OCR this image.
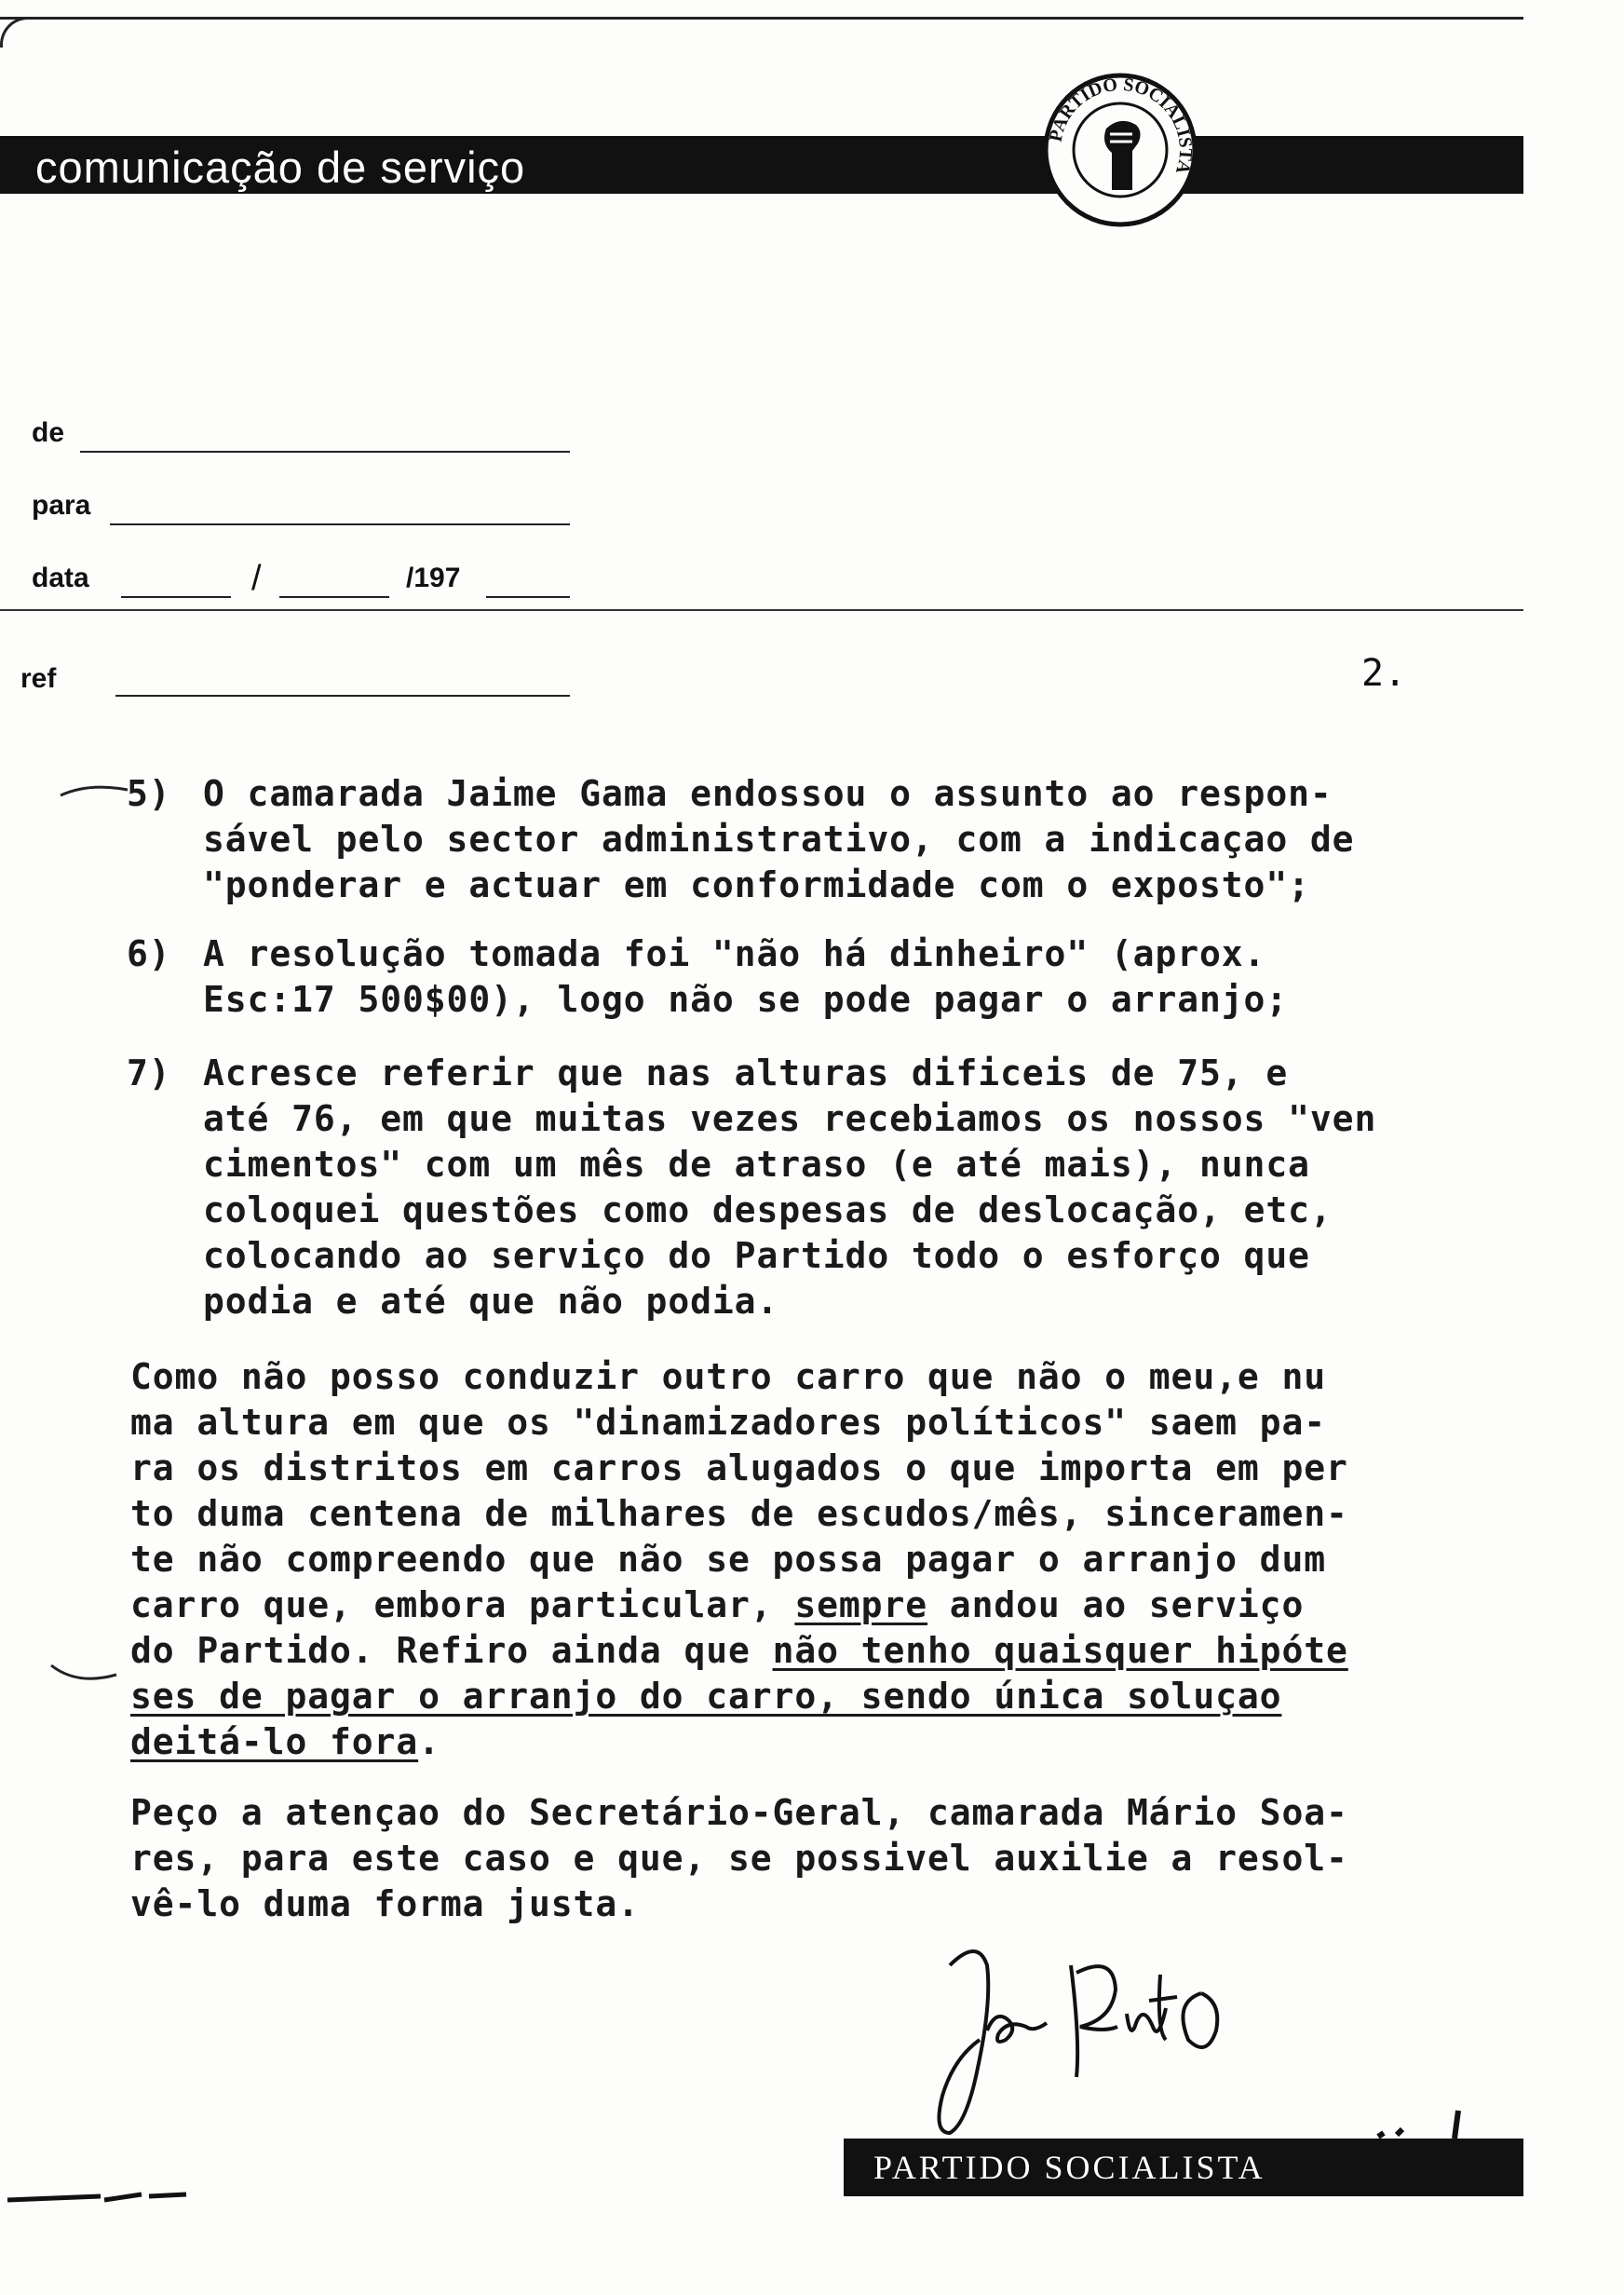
comunicação de serviço
PARTIDO SOCIALISTA
de
para
data	/	/197
ref	2.
5) O camarada Jaime Gama endossou o assunto ao respon-
sável pelo sector administrativo, com a indicaçao de
"ponderar e actuar em conformidade com o exposto";
6) A resolução tomada foi "não há dinheiro" (aprox.
Esc:17 500$00), logo não se pode pagar o arranjo;
7) Acresce referir que nas alturas dificeis de 75, e
até 76, em que muitas vezes recebiamos os nossos "ven
cimentos" com um mês de atraso (e até mais), nunca
coloquei questões como despesas de deslocação, etc,
colocando ao serviço do Partido todo o esforço que
podia e até que não podia.
Como não posso conduzir outro carro que não o meu,e nu
ma altura em que os "dinamizadores políticos" saem pa-
ra os distritos em carros alugados o que importa em per
to duma centena de milhares de escudos/mês, sinceramen-
te não compreendo que não se possa pagar o arranjo dum
carro que, embora particular, sempre andou ao serviço
do Partido. Refiro ainda que não tenho quaisquer hipóte
ses de pagar o arranjo do carro, sendo única soluçao
deitá-lo fora.
Peço a atençao do Secretário-Geral, camarada Mário Soa-
res, para este caso e que, se possivel auxilie a resol-
vê-lo duma forma justa.
PARTIDO SOCIALISTA
